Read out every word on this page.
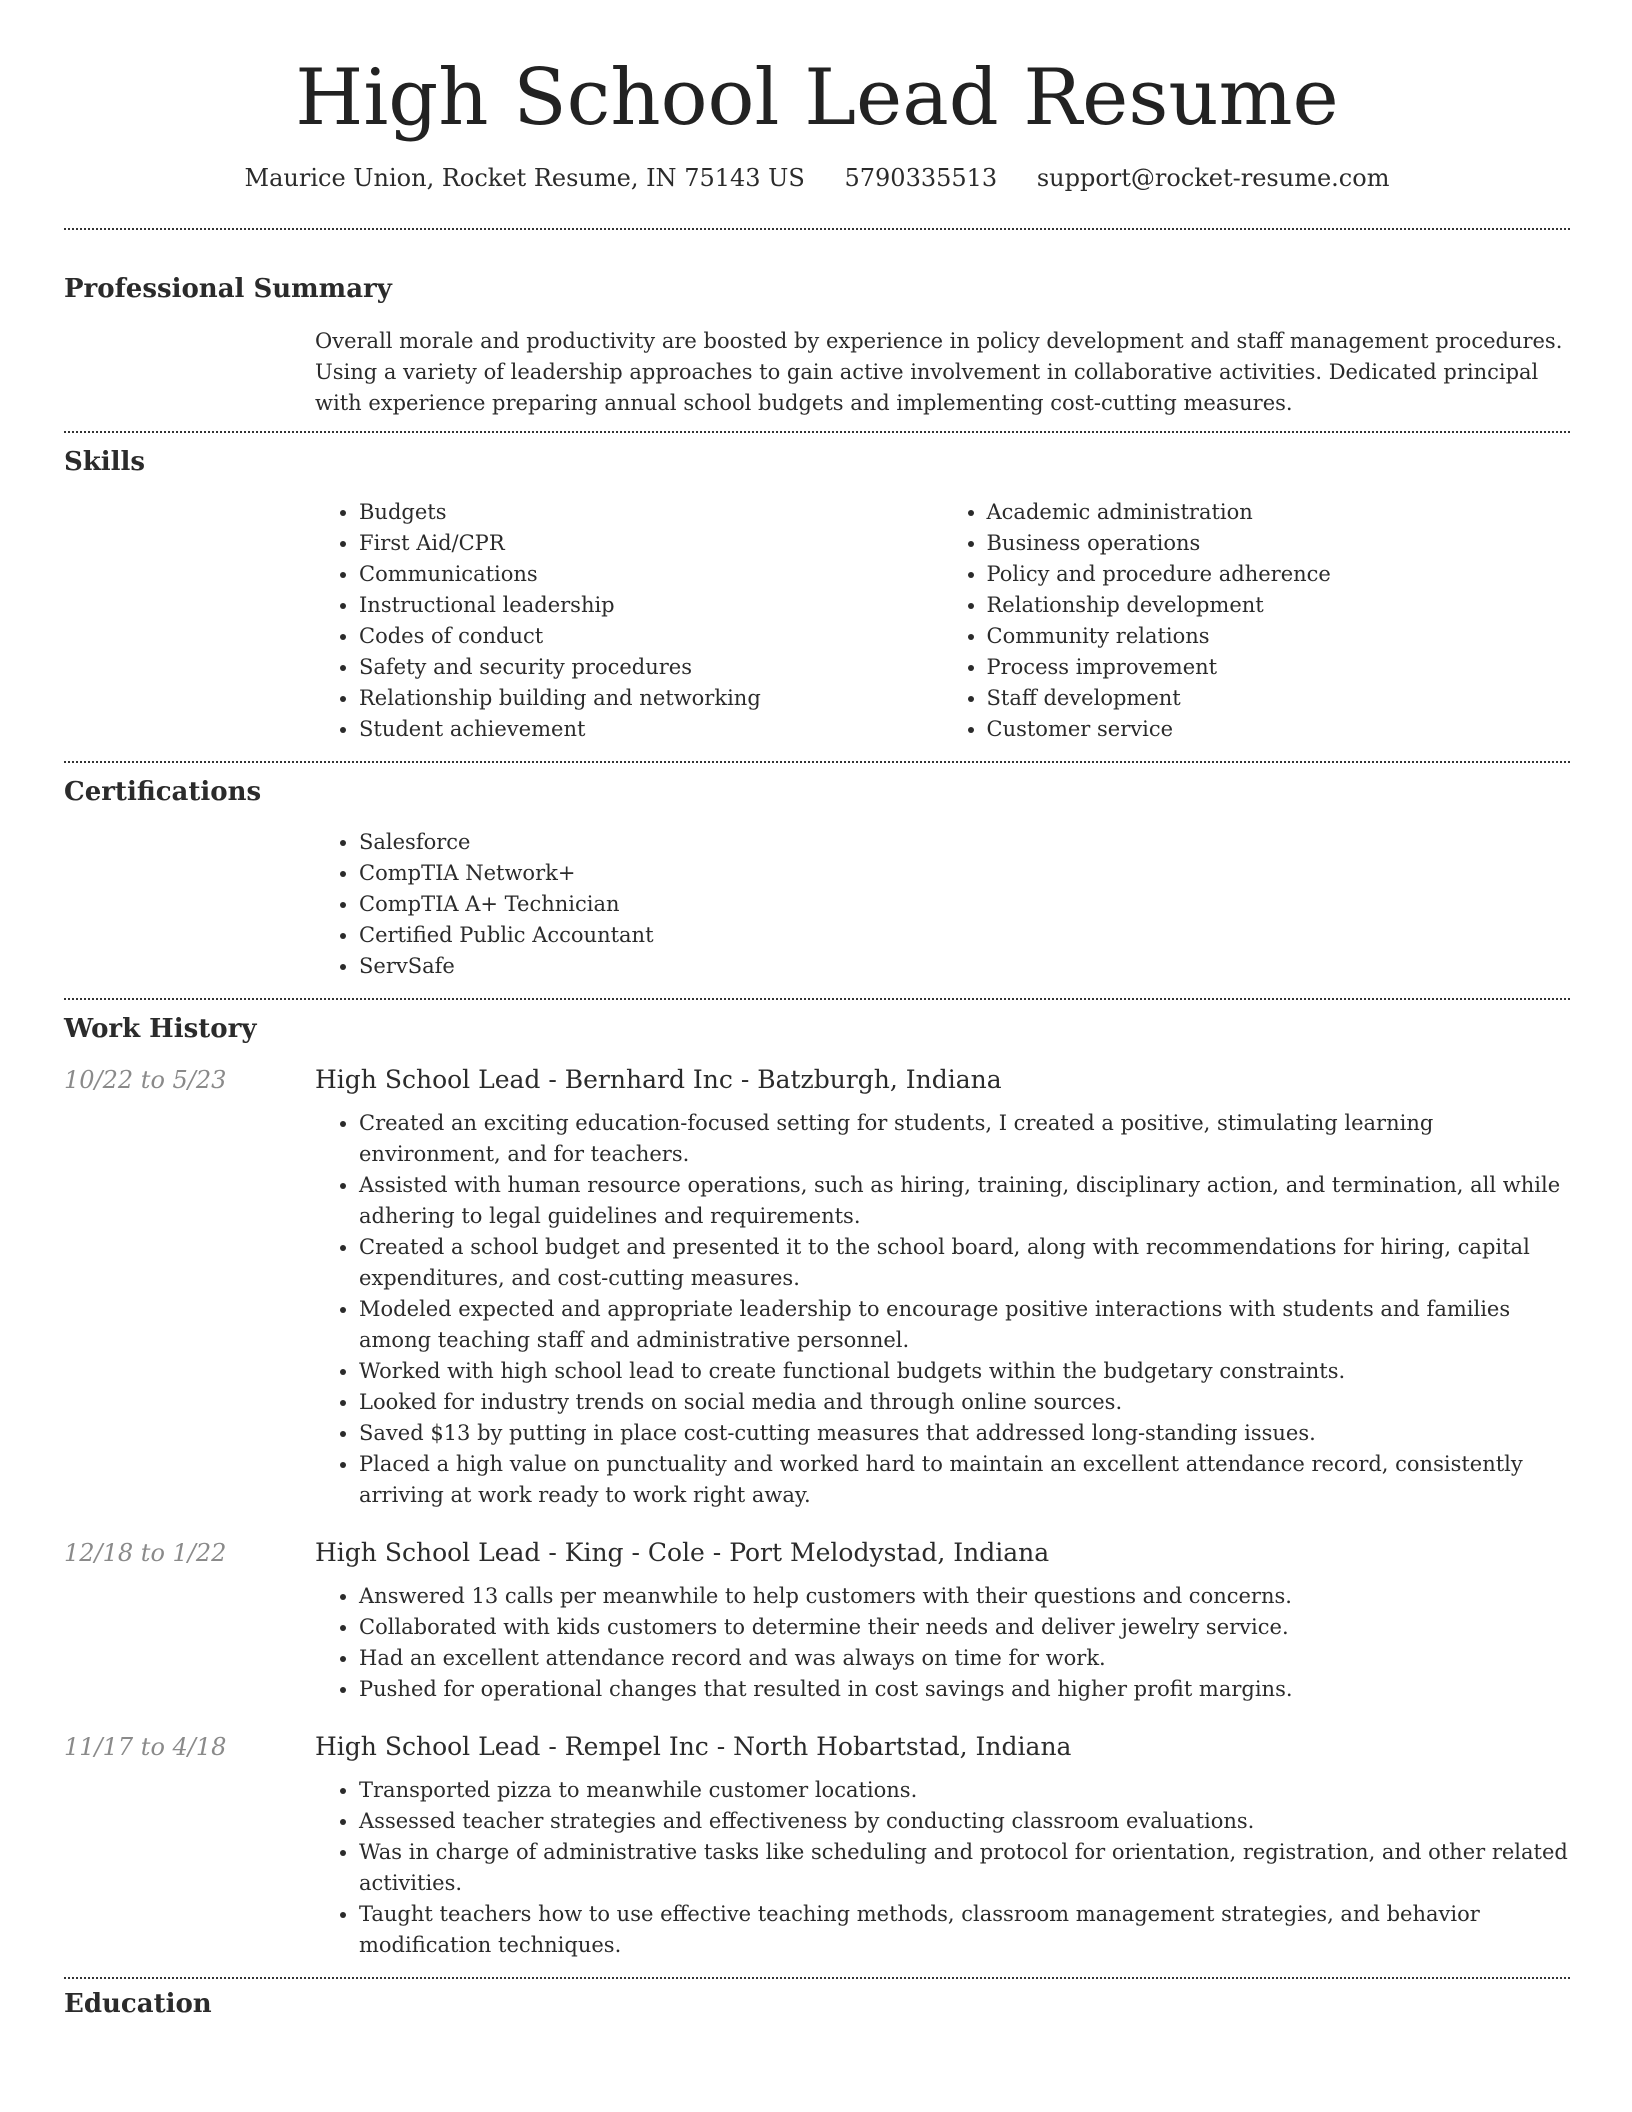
High School Lead Resume
Maurice Union, Rocket Resume, IN 75143 US 5790335513 support@rocket-resume.com
Professional Summary
Overall morale and productivity are boosted by experience in policy development and staff management procedures. Using a variety of leadership approaches to gain active involvement in collaborative activities. Dedicated principal with experience preparing annual school budgets and implementing cost-cutting measures.
Skills
• Budgets
• First Aid/CPR
• Communications
• Instructional leadership
• Codes of conduct
• Safety and security procedures
• Relationship building and networking
• Student achievement
• Academic administration
• Business operations
• Policy and procedure adherence
• Relationship development
• Community relations
• Process improvement
• Staff development
• Customer service
Certifications
• Salesforce
• CompTIA Network+
• CompTIA A+ Technician
• Certified Public Accountant
• ServSafe
Work History
10/22 to 5/23	High School Lead - Bernhard Inc - Batzburgh, Indiana
• Created an exciting education-focused setting for students, I created a positive, stimulating learning environment, and for teachers.
• Assisted with human resource operations, such as hiring, training, disciplinary action, and termination, all while adhering to legal guidelines and requirements.
• Created a school budget and presented it to the school board, along with recommendations for hiring, capital expenditures, and cost-cutting measures.
• Modeled expected and appropriate leadership to encourage positive interactions with students and families among teaching staff and administrative personnel.
• Worked with high school lead to create functional budgets within the budgetary constraints.
• Looked for industry trends on social media and through online sources.
• Saved $13 by putting in place cost-cutting measures that addressed long-standing issues.
• Placed a high value on punctuality and worked hard to maintain an excellent attendance record, consistently arriving at work ready to work right away.
12/18 to 1/22	High School Lead - King - Cole - Port Melodystad, Indiana
• Answered 13 calls per meanwhile to help customers with their questions and concerns.
• Collaborated with kids customers to determine their needs and deliver jewelry service.
• Had an excellent attendance record and was always on time for work.
• Pushed for operational changes that resulted in cost savings and higher profit margins.
11/17 to 4/18	High School Lead - Rempel Inc - North Hobartstad, Indiana
• Transported pizza to meanwhile customer locations.
• Assessed teacher strategies and effectiveness by conducting classroom evaluations.
• Was in charge of administrative tasks like scheduling and protocol for orientation, registration, and other related activities.
• Taught teachers how to use effective teaching methods, classroom management strategies, and behavior modification techniques.
Education
